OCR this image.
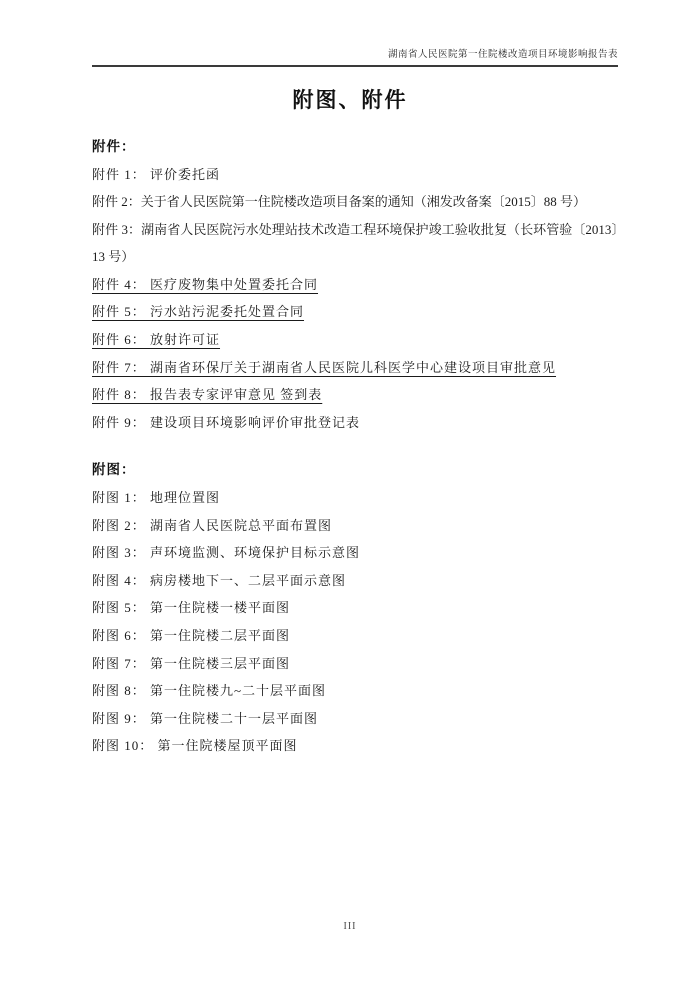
湖南省人民医院第一住院楼改造项目环境影响报告表
附图、附件
附件：
附件 1： 评价委托函
附件 2：关于省人民医院第一住院楼改造项目备案的通知（湘发改备案〔2015〕88 号）
附件 3：湖南省人民医院污水处理站技术改造工程环境保护竣工验收批复（长环管验〔2013〕13 号）
附件 4： 医疗废物集中处置委托合同
附件 5： 污水站污泥委托处置合同
附件 6： 放射许可证
附件 7： 湖南省环保厅关于湖南省人民医院儿科医学中心建设项目审批意见
附件 8： 报告表专家评审意见 签到表
附件 9： 建设项目环境影响评价审批登记表
附图：
附图 1： 地理位置图
附图 2： 湖南省人民医院总平面布置图
附图 3： 声环境监测、环境保护目标示意图
附图 4： 病房楼地下一、二层平面示意图
附图 5： 第一住院楼一楼平面图
附图 6： 第一住院楼二层平面图
附图 7： 第一住院楼三层平面图
附图 8： 第一住院楼九~二十层平面图
附图 9： 第一住院楼二十一层平面图
附图 10： 第一住院楼屋顶平面图
III
